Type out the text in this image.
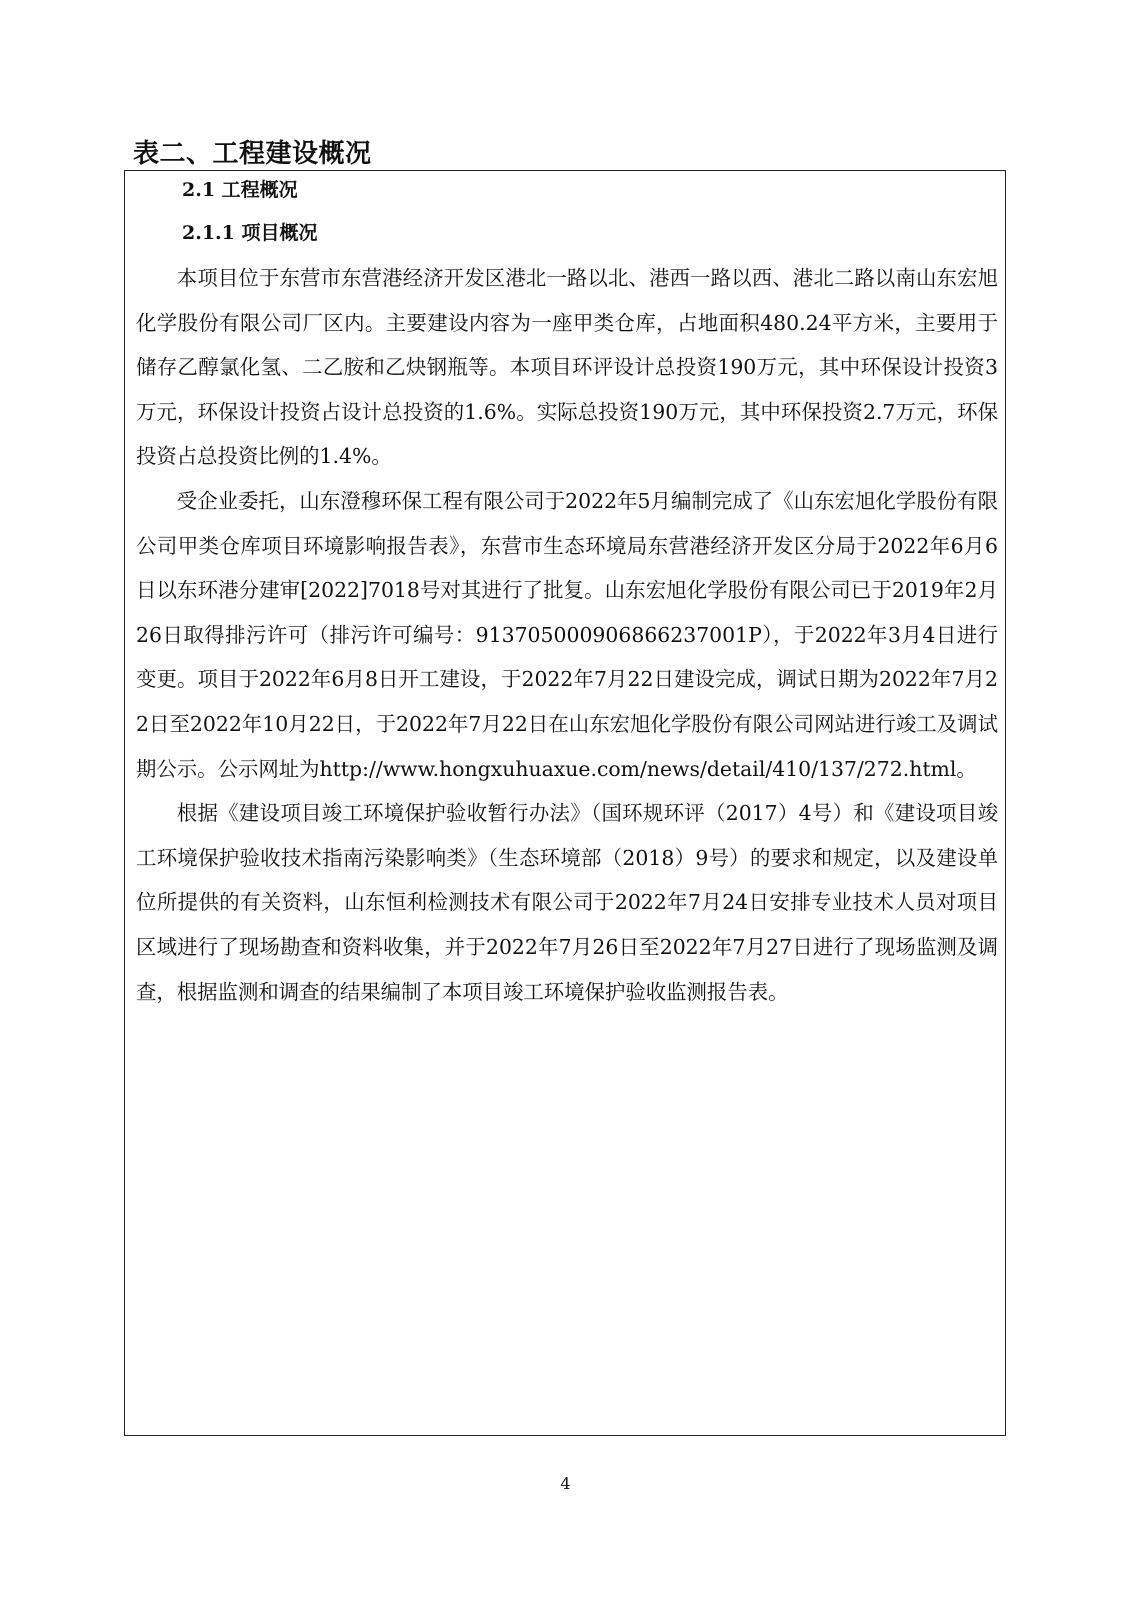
表二、工程建设概况
2.1 工程概况
2.1.1 项目概况

本项目位于东营市东营港经济开发区港北一路以北、港西一路以西、港北二路以南山东宏旭化学股份有限公司厂区内。主要建设内容为一座甲类仓库，占地面积480.24平方米，主要用于储存乙醇氯化氢、二乙胺和乙炔钢瓶等。本项目环评设计总投资190万元，其中环保设计投资3万元，环保设计投资占设计总投资的1.6%。实际总投资190万元，其中环保投资2.7万元，环保投资占总投资比例的1.4%。

受企业委托，山东澄穆环保工程有限公司于2022年5月编制完成了《山东宏旭化学股份有限公司甲类仓库项目环境影响报告表》，东营市生态环境局东营港经济开发区分局于2022年6月6日以东环港分建审[2022]7018号对其进行了批复。山东宏旭化学股份有限公司已于2019年2月26日取得排污许可（排污许可编号：913705000906866237001P），于2022年3月4日进行变更。项目于2022年6月8日开工建设，于2022年7月22日建设完成，调试日期为2022年7月22日至2022年10月22日，于2022年7月22日在山东宏旭化学股份有限公司网站进行竣工及调试期公示。公示网址为http://www.hongxuhuaxue.com/news/detail/410/137/272.html。

根据《建设项目竣工环境保护验收暂行办法》（国环规环评（2017）4号）和《建设项目竣工环境保护验收技术指南污染影响类》（生态环境部（2018）9号）的要求和规定，以及建设单位所提供的有关资料，山东恒利检测技术有限公司于2022年7月24日安排专业技术人员对项目区域进行了现场勘查和资料收集，并于2022年7月26日至2022年7月27日进行了现场监测及调查，根据监测和调查的结果编制了本项目竣工环境保护验收监测报告表。

4
